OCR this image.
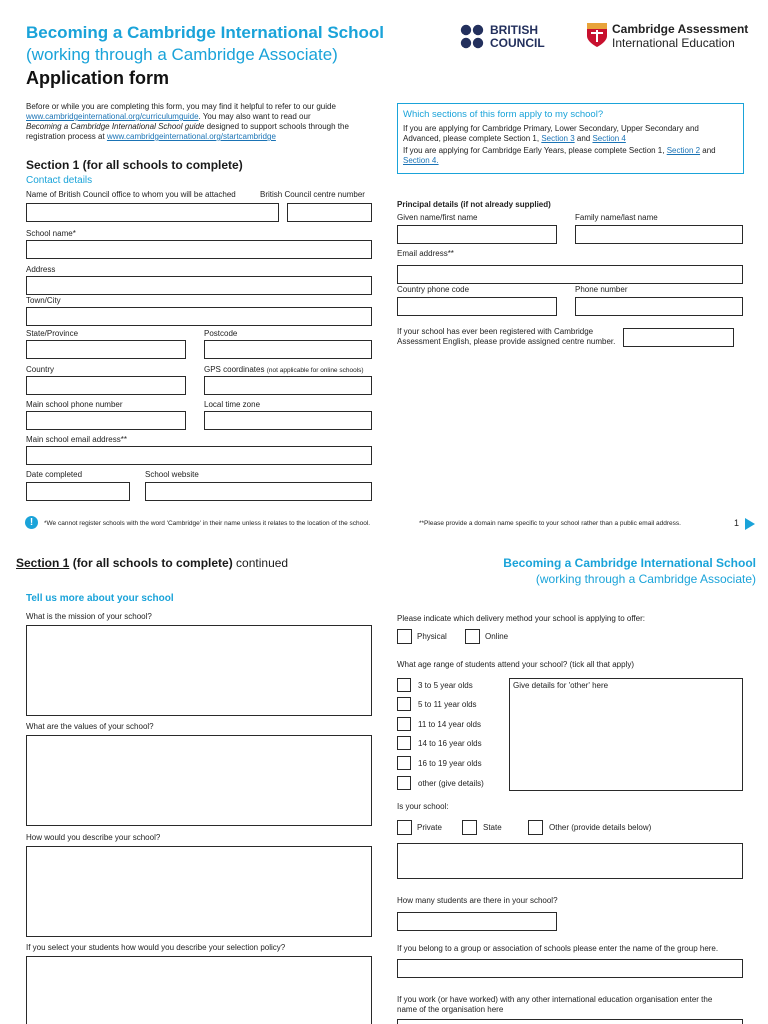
Becoming a Cambridge International School
(working through a Cambridge Associate)
Application form
BRITISH
COUNCIL
Cambridge Assessment
International Education
Before or while you are completing this form, you may find it helpful to refer to our guide
www.cambridgeinternational.org/curriculumguide. You may also want to read our
Becoming a Cambridge International School guide designed to support schools through the
registration process at www.cambridgeinternational.org/startcambridge
Which sections of this form apply to my school?
If you are applying for Cambridge Primary, Lower Secondary, Upper Secondary and
Advanced, please complete Section 1, Section 3 and Section 4
If you are applying for Cambridge Early Years, please complete Section 1, Section 2 and
Section 4.
Section 1 (for all schools to complete)
Contact details
Name of British Council office to whom you will be attached	British Council centre number
School name*
Address
Town/City
State/Province	Postcode
Country	GPS coordinates (not applicable for online schools)
Main school phone number	Local time zone
Main school email address**
Date completed	School website
Principal details (if not already supplied)
Given name/first name	Family name/last name
Email address**
Country phone code	Phone number
If your school has ever been registered with Cambridge
Assessment English, please provide assigned centre number.
!	*We cannot register schools with the word 'Cambridge' in their name unless it relates to the location of the school.	**Please provide a domain name specific to your school rather than a public email address.	1
Section 1 (for all schools to complete) continued	Becoming a Cambridge International School
(working through a Cambridge Associate)
Tell us more about your school
What is the mission of your school?
What are the values of your school?
How would you describe your school?
If you select your students how would you describe your selection policy?
Please indicate which delivery method your school is applying to offer:
Physical	Online
What age range of students attend your school? (tick all that apply)
3 to 5 year olds
5 to 11 year olds
11 to 14 year olds
14 to 16 year olds
16 to 19 year olds
other (give details)
Give details for 'other' here
Is your school:
Private	State	Other (provide details below)
How many students are there in your school?
If you belong to a group or association of schools please enter the name of the group here.
If you work (or have worked) with any other international education organisation enter the
name of the organisation here
